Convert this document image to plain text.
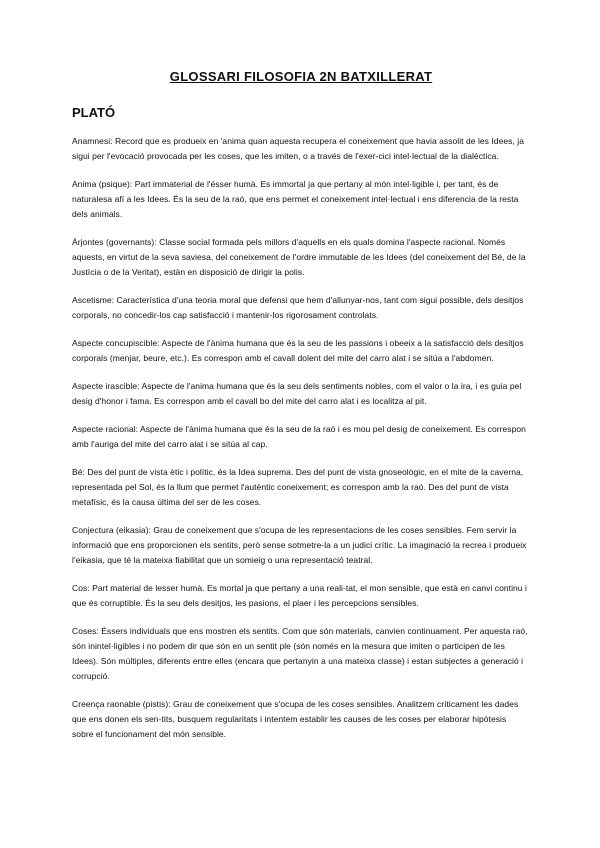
GLOSSARI FILOSOFIA 2N BATXILLERAT
PLATÓ

Anamnesi: Record que es produeix en 'anima quan aquesta recupera el coneixement que havia assolit de les Idees, ja sigui per l'evocació provocada per les coses, que les imiten, o a través de l'exer-cici intel·lectual de la dialéctica.

Anima (psique): Part immaterial de l'ésser humà. Es immortal ja que pertany al món intel·ligible i, per tant, és de naturalesa afí a les Idees. És la seu de la raó, que ens permet el coneixement intel·lectual i ens diferencia de la resta dels animals.

Árjontes (governants): Classe social formada pels millors d'aquells en els quals domina l'aspecte racional. Només aquests, en virtut de la seva saviesa, del coneixement de l'ordre immutable de les Idees (del coneixement del Bé, de la Justícia o de la Veritat), estàn en disposició de dirigir la polis.

Ascetisme: Característica d'una teoria moral que defensi que hem d'allunyar-nos, tant com sigui possible, dels desitjos corporals, no concedir-los cap satisfacció i mantenir-los rigorosament controlats.

Aspecte concupiscible: Aspecte de l'ànima humana que és la seu de les passions i obeeix a la satisfacció dels desitjos corporals (menjar, beure, etc.). Es correspon amb el cavall dolent del mite del carro alat i se sitúa a l'abdomen.

Aspecte irascible: Aspecte de l'anima humana que és la seu dels sentiments nobles, com el valor o la ira, i es guia pel desig d'honor i fama. Es correspon amb el cavall bo del mite del carro alat i es localitza al pit.

Aspecte racional: Aspecte de l'ànima humana que és la seu de la raó i es mou pel desig de coneixement. Es correspon amb l'auriga del mite del carro alat i se sitúa al cap.

Bé: Des del punt de vista ètic i polític, és la Idea suprema. Des del punt de vista gnoseològic, en el mite de la caverna, representada pel Sol, és la llum que permet l'autèntic coneixement; es correspon amb la raó. Des del punt de vista metafísic, és la causa última del ser de les coses.

Conjectura (eikasia): Grau de coneixement que s'ocupa de les representacions de les coses sensibles. Fem servir la informació que ens proporcionen els sentits, però sense sotmetre-la a un judici crític. La imaginació la recrea i produeix l'eikasia, que té la mateixa fiabilitat que un somieig o una representació teatral.

Cos: Part material de lesser humà. Es mortal ja que pertany a una reali-tat, el mon sensible, que està en canvi continu i que és corruptible. És la seu dels desitjos, les pasions, el plaer i les percepcions sensibles.

Coses: Éssers individuals que ens mostren els sentits. Com que són materials, canvien continuament. Per aquesta raó, són inintel·ligibles i no podem dir que són en un sentit ple (són només en la mesura que imiten o participen de les Idees). Són múltiples, diferents entre elles (encara que pertanyin a una mateixa classe) i estan subjectes a generació i corrupció.

Creença raonable (pistis): Grau de coneixement que s'ocupa de les coses sensibles. Analitzem críticament les dades que ens donen els sen-tits, busquem regularitats i intentem establir les causes de les coses per elaborar hipòtesis sobre el funcionament del món sensible.
